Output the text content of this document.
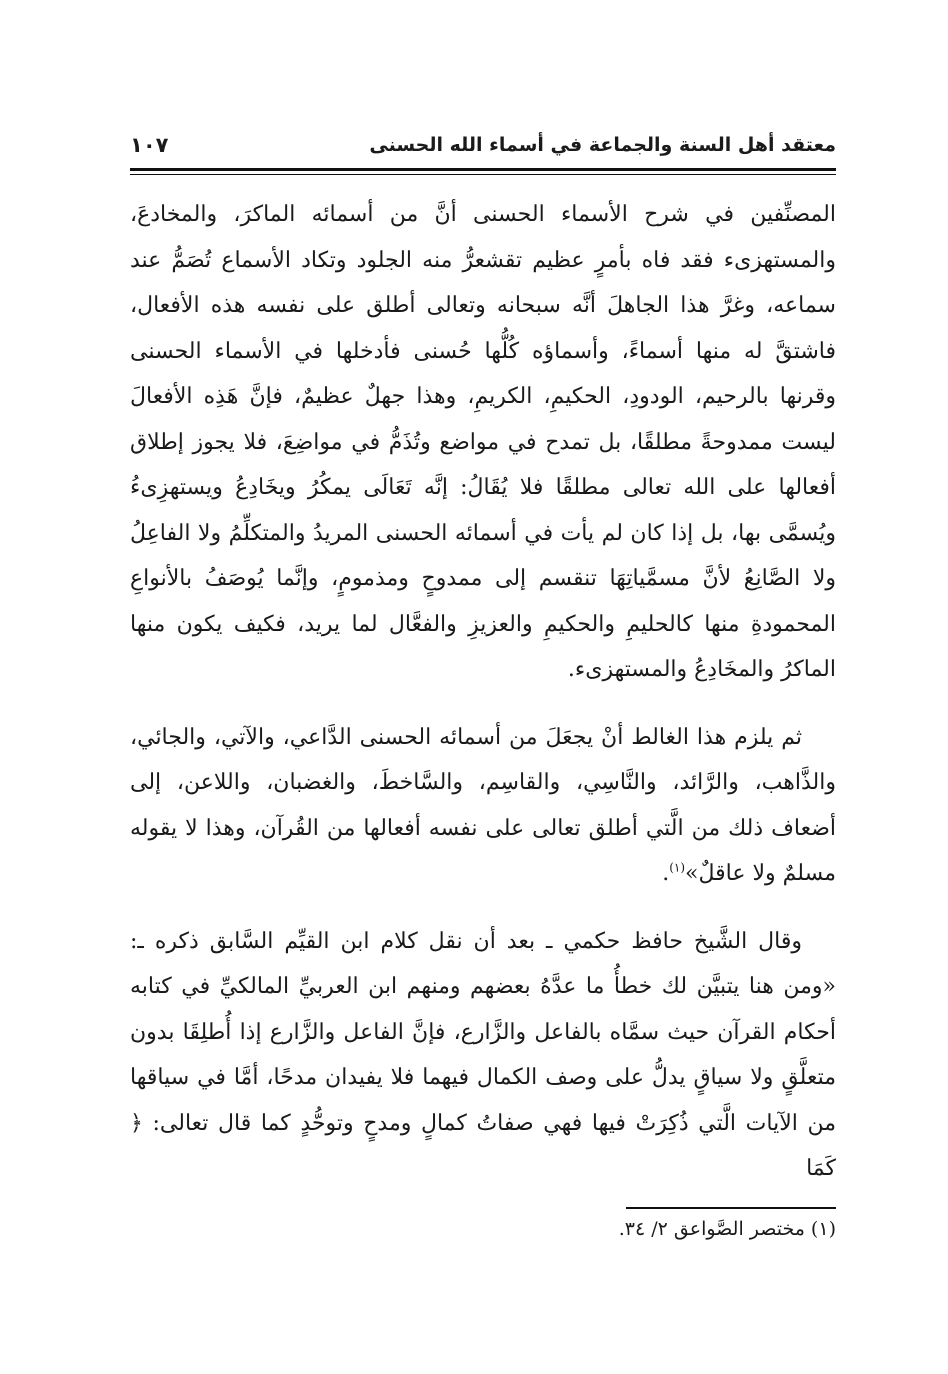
معتقد أهل السنة والجماعة في أسماء الله الحسنى
١٠٧

المصنِّفين في شرح الأسماء الحسنى أنَّ من أسمائه الماكرَ، والمخادعَ، والمستهزىء فقد فاه بأمرٍ عظيم تقشعرُّ منه الجلود وتكاد الأسماع تُصَمُّ عند سماعه، وغرَّ هذا الجاهلَ أنَّه سبحانه وتعالى أطلق على نفسه هذه الأفعال، فاشتقَّ له منها أسماءً، وأسماؤه كُلُّها حُسنى فأدخلها في الأسماء الحسنى وقرنها بالرحيم، الودودِ، الحكيمِ، الكريمِ، وهذا جهلٌ عظيمٌ، فإنَّ هَذِه الأفعالَ ليست ممدوحةً مطلقًا، بل تمدح في مواضع وتُذَمُّ في مواضِعَ، فلا يجوز إطلاق أفعالها على الله تعالى مطلقًا فلا يُقَالُ: إنَّه تَعَالَى يمكُرُ ويخَادِعُ ويستهزِىءُ ويُسمَّى بها، بل إذا كان لم يأت في أسمائه الحسنى المريدُ والمتكلِّمُ ولا الفاعِلُ ولا الصَّانِعُ لأنَّ مسمَّياتِهَا تنقسم إلى ممدوحٍ ومذمومٍ، وإنَّما يُوصَفُ بالأنواعِ المحمودةِ منها كالحليمِ والحكيمِ والعزيزِ والفعَّال لما يريد، فكيف يكون منها الماكرُ والمخَادِعُ والمستهزىء.

ثم يلزم هذا الغالط أنْ يجعَلَ من أسمائه الحسنى الدَّاعي، والآتي، والجائي، والذَّاهب، والرَّائد، والنَّاسِي، والقاسِم، والسَّاخطَ، والغضبان، واللاعن، إلى أضعاف ذلك من الَّتي أطلق تعالى على نفسه أفعالها من القُرآن، وهذا لا يقوله مسلمٌ ولا عاقلٌ»$^{(١)}$.

وقال الشَّيخ حافظ حكمي ـ بعد أن نقل كلام ابن القيِّم السَّابق ذكره ـ: «ومن هنا يتبيَّن لك خطأُ ما عدَّهُ بعضهم ومنهم ابن العربيِّ المالكيِّ في كتابه أحكام القرآن حيث سمَّاه بالفاعل والزَّارع، فإنَّ الفاعل والزَّارع إذا أُطلِقَا بدون متعلَّقٍ ولا سياقٍ يدلُّ على وصف الكمال فيهما فلا يفيدان مدحًا، أمَّا في سياقها من الآيات الَّتي ذُكِرَتْ فيها فهي صفاتُ كمالٍ ومدحٍ وتوحُّدٍ كما قال تعالى: ﴿ كَمَا

(١) مختصر الصَّواعق ٢/ ٣٤.
